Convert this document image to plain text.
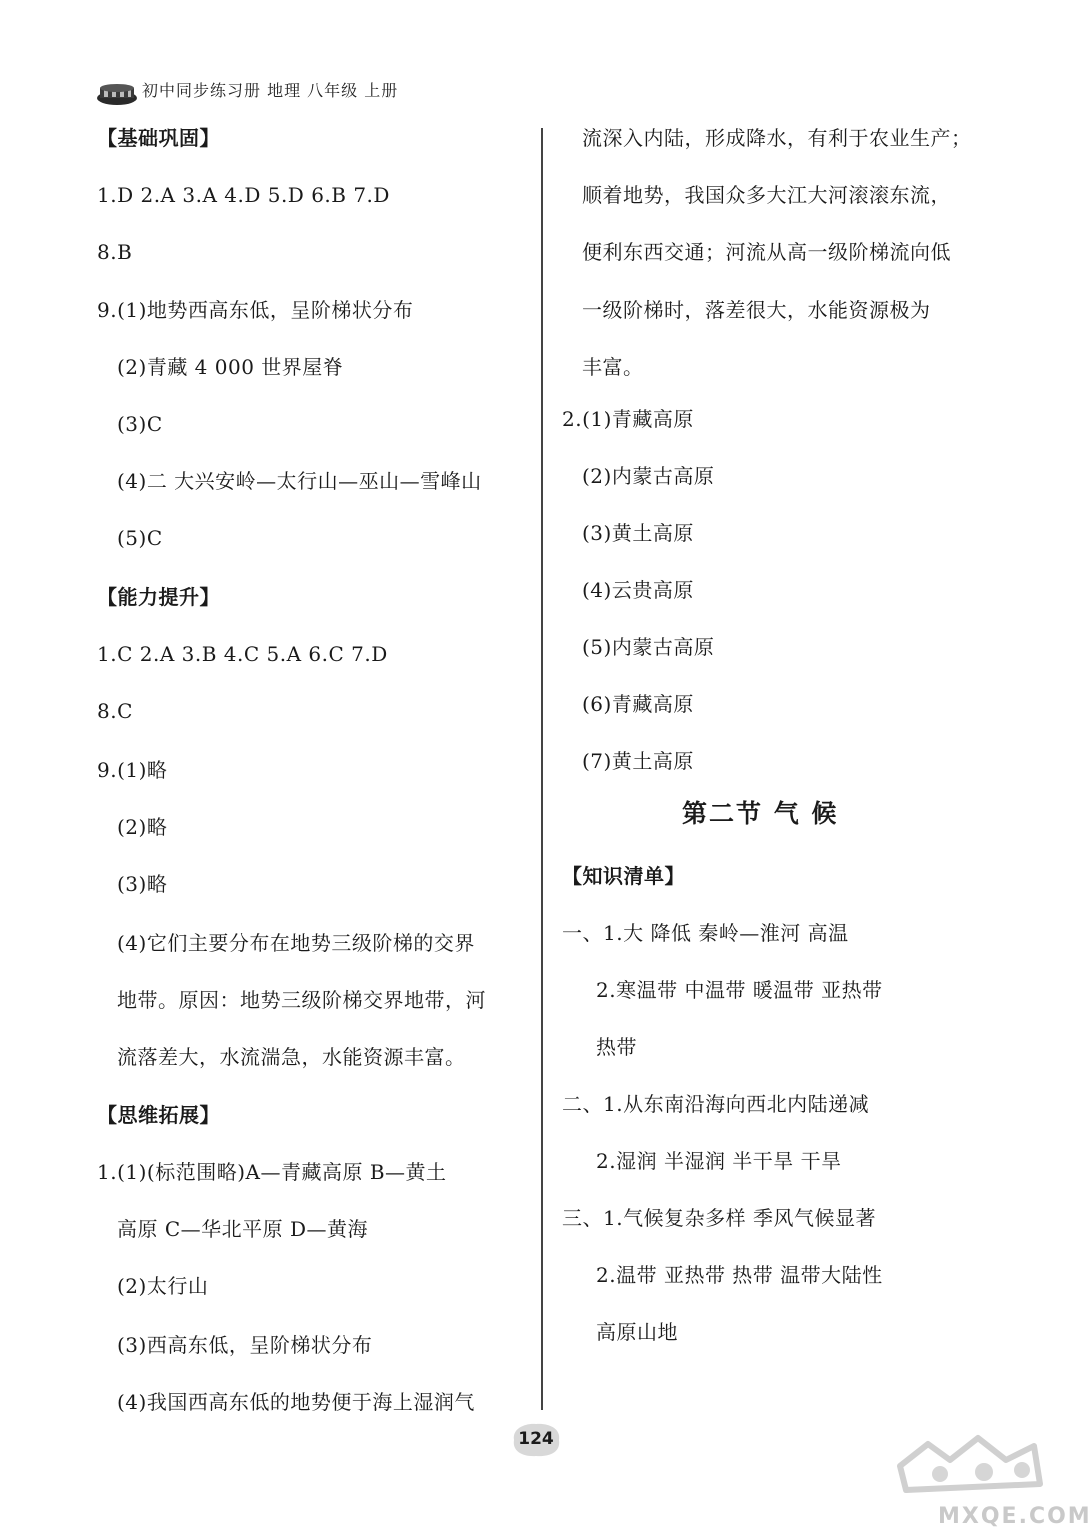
初中同步练习册 地理 八年级 上册
【基础巩固】
1.D 2.A 3.A 4.D 5.D 6.B 7.D
8.B
9.(1)地势西高东低，呈阶梯状分布
(2)青藏 4 000 世界屋脊
(3)C
(4)二 大兴安岭—太行山—巫山—雪峰山
(5)C
【能力提升】
1.C 2.A 3.B 4.C 5.A 6.C 7.D
8.C
9.(1)略
(2)略
(3)略
(4)它们主要分布在地势三级阶梯的交界
地带。原因：地势三级阶梯交界地带，河
流落差大，水流湍急，水能资源丰富。
【思维拓展】
1.(1)(标范围略)A—青藏高原 B—黄土
高原 C—华北平原 D—黄海
(2)太行山
(3)西高东低，呈阶梯状分布
(4)我国西高东低的地势便于海上湿润气
流深入内陆，形成降水，有利于农业生产；
顺着地势，我国众多大江大河滚滚东流，
便利东西交通；河流从高一级阶梯流向低
一级阶梯时，落差很大，水能资源极为
丰富。
2.(1)青藏高原
(2)内蒙古高原
(3)黄土高原
(4)云贵高原
(5)内蒙古高原
(6)青藏高原
(7)黄土高原
第二节 气 候
【知识清单】
一、1.大 降低 秦岭—淮河 高温
2.寒温带 中温带 暖温带 亚热带
热带
二、1.从东南沿海向西北内陆递减
2.湿润 半湿润 半干旱 干旱
三、1.气候复杂多样 季风气候显著
2.温带 亚热带 热带 温带大陆性
高原山地
124
MXQE.COM
